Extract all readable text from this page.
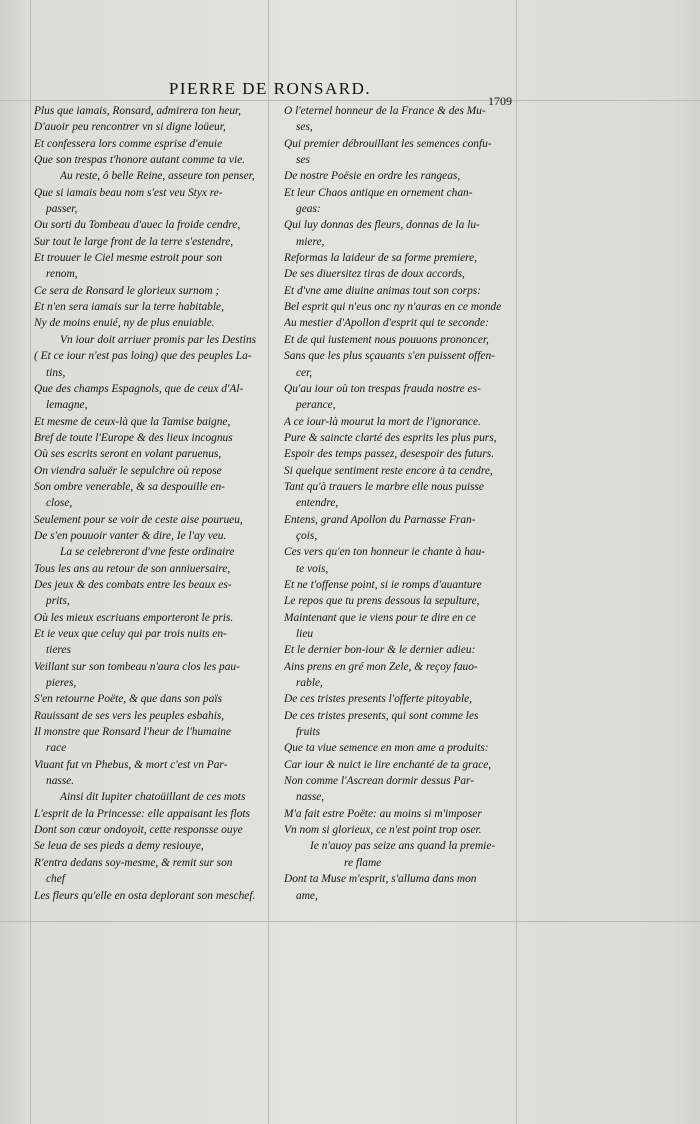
PIERRE DE RONSARD.
1709
Plus que iamais, Ronsard, admirera ton heur,
D'auoir peu rencontrer vn si digne loüeur,
Et confessera lors comme esprise d'enuie
Que son trespas t'honore autant comme ta vie.
Au reste, ô belle Reine, asseure ton penser,
Que si iamais beau nom s'est veu Styx re-
passer,
Ou sorti du Tombeau d'auec la froide cendre,
Sur tout le large front de la terre s'estendre,
Et trouuer le Ciel mesme estroit pour son
renom,
Ce sera de Ronsard le glorieux surnom ;
Et n'en sera iamais sur la terre habitable,
Ny de moins enuié, ny de plus enuiable.
Vn iour doit arriuer promis par les Destins
( Et ce iour n'est pas loing) que des peuples La-
tins,
Que des champs Espagnols, que de ceux d'Al-
lemagne,
Et mesme de ceux-là que la Tamise baigne,
Bref de toute l'Europe & des lieux incognus
Où ses escrits seront en volant paruenus,
On viendra saluër le sepulchre où repose
Son ombre venerable, & sa despouille en-
close,
Seulement pour se voir de ceste aise pourueu,
De s'en pouuoir vanter & dire, Ie l'ay veu.
La se celebreront d'vne feste ordinaire
Tous les ans au retour de son anniuersaire,
Des jeux & des combats entre les beaux es-
prits,
Où les mieux escriuans emporteront le pris.
Et ie veux que celuy qui par trois nuits en-
tieres
Veillant sur son tombeau n'aura clos les pau-
pieres,
S'en retourne Poëte, & que dans son païs
Rauissant de ses vers les peuples esbahis,
Il monstre que Ronsard l'heur de l'humaine
race
Viuant fut vn Phebus, & mort c'est vn Par-
nasse.
Ainsi dit Iupiter chatoüillant de ces mots
L'esprit de la Princesse: elle appaisant les flots
Dont son cœur ondoyoit, cette responsse ouye
Se leua de ses pieds a demy resiouye,
R'entra dedans soy-mesme, & remit sur son
chef
Les fleurs qu'elle en osta deplorant son meschef.
O l'eternel honneur de la France & des Mu-
ses,
Qui premier débrouillant les semences confu-
ses
De nostre Poësie en ordre les rangeas,
Et leur Chaos antique en ornement chan-
geas:
Qui luy donnas des fleurs, donnas de la lu-
miere,
Reformas la laideur de sa forme premiere,
De ses diuersitez tiras de doux accords,
Et d'vne ame diuine animas tout son corps:
Bel esprit qui n'eus onc ny n'auras en ce monde
Au mestier d'Apollon d'esprit qui te seconde:
Et de qui iustement nous pouuons prononcer,
Sans que les plus sçauants s'en puissent offen-
cer,
Qu'au iour où ton trespas frauda nostre es-
perance,
A ce iour-là mourut la mort de l'ignorance.
Pure & saincte clarté des esprits les plus purs,
Espoir des temps passez, desespoir des futurs.
Si quelque sentiment reste encore à ta cendre,
Tant qu'à trauers le marbre elle nous puisse
entendre,
Entens, grand Apollon du Parnasse Fran-
çois,
Ces vers qu'en ton honneur ie chante à hau-
te vois,
Et ne t'offense point, si ie romps d'auanture
Le repos que tu prens dessous la sepulture,
Maintenant que ie viens pour te dire en ce
lieu
Et le dernier bon-iour & le dernier adieu:
Ains prens en gré mon Zele, & reçoy fauo-
rable,
De ces tristes presents l'offerte pitoyable,
De ces tristes presents, qui sont comme les
fruits
Que ta viue semence en mon ame a produits:
Car iour & nuict ie lire enchanté de ta grace,
Non comme l'Ascrean dormir dessus Par-
nasse,
M'a fait estre Poëte: au moins si m'imposer
Vn nom si glorieux, ce n'est point trop oser.
Ie n'auoy pas seize ans quand la premie-
re flame
Dont ta Muse m'esprit, s'alluma dans mon
ame,
